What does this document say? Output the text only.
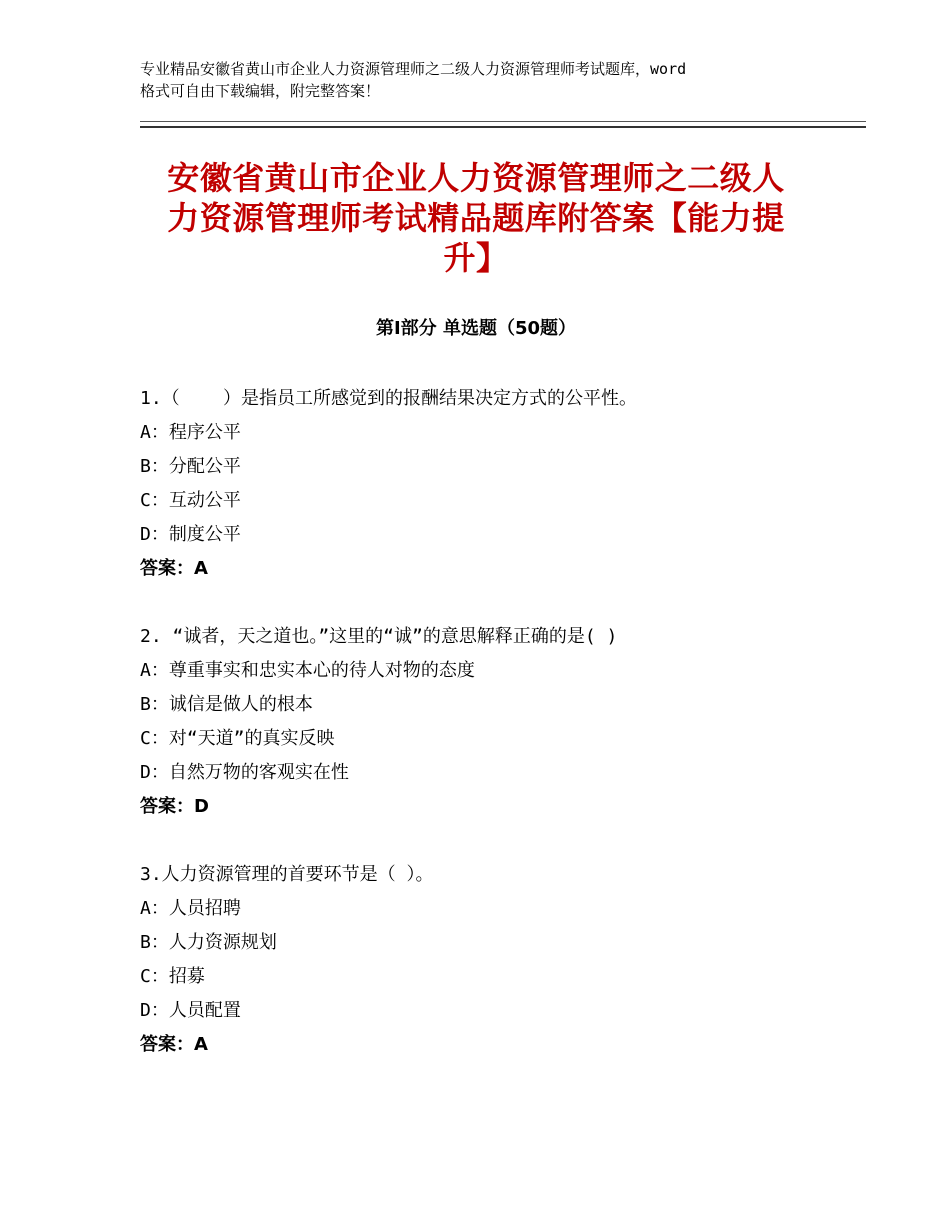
专业精品安徽省黄山市企业人力资源管理师之二级人力资源管理师考试题库，word
格式可自由下载编辑，附完整答案！
安徽省黄山市企业人力资源管理师之二级人
力资源管理师考试精品题库附答案【能力提
升】
第Ⅰ部分 单选题（50题）
1.（    ）是指员工所感觉到的报酬结果决定方式的公平性。
A：程序公平
B：分配公平
C：互动公平
D：制度公平
答案：A
2. “诚者，天之道也。”这里的“诚”的意思解释正确的是( )
A：尊重事实和忠实本心的待人对物的态度
B：诚信是做人的根本
C：对“天道”的真实反映
D：自然万物的客观实在性
答案：D
3.人力资源管理的首要环节是（ ）。
A：人员招聘
B：人力资源规划
C：招募
D：人员配置
答案：A
